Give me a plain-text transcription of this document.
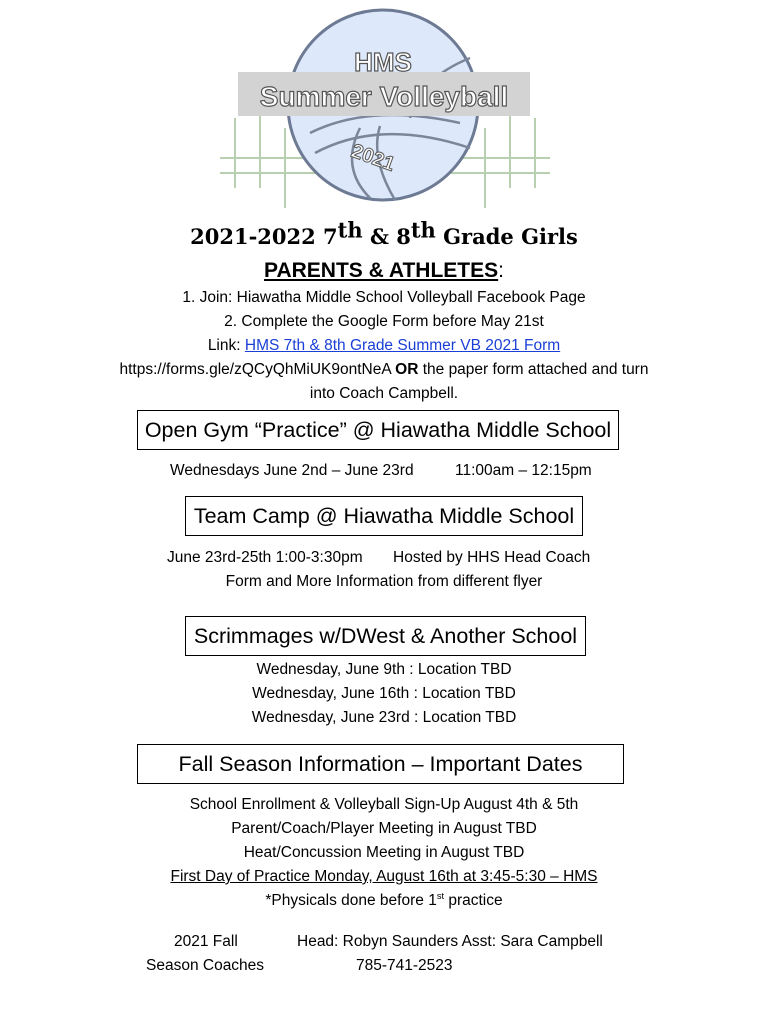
HMS
Summer Volleyball
2021
2021-2022 7th & 8th Grade Girls
PARENTS & ATHLETES:
1. Join: Hiawatha Middle School Volleyball Facebook Page
2. Complete the Google Form before May 21st
Link: HMS 7th & 8th Grade Summer VB 2021 Form
https://forms.gle/zQCyQhMiUK9ontNeA OR the paper form attached and turn
into Coach Campbell.
Open Gym “Practice” @ Hiawatha Middle School
Wednesdays June 2nd – June 23rd	11:00am – 12:15pm
Team Camp @ Hiawatha Middle School
June 23rd-25th 1:00-3:30pm Hosted by HHS Head Coach
Form and More Information from different flyer
Scrimmages w/DWest & Another School
Wednesday, June 9th : Location TBD
Wednesday, June 16th : Location TBD
Wednesday, June 23rd : Location TBD
Fall Season Information – Important Dates
School Enrollment & Volleyball Sign-Up August 4th & 5th
Parent/Coach/Player Meeting in August TBD
Heat/Concussion Meeting in August TBD
First Day of Practice Monday, August 16th at 3:45-5:30 – HMS
*Physicals done before 1st practice
2021 Fall
Season Coaches
Head: Robyn Saunders Asst: Sara Campbell
785-741-2523
